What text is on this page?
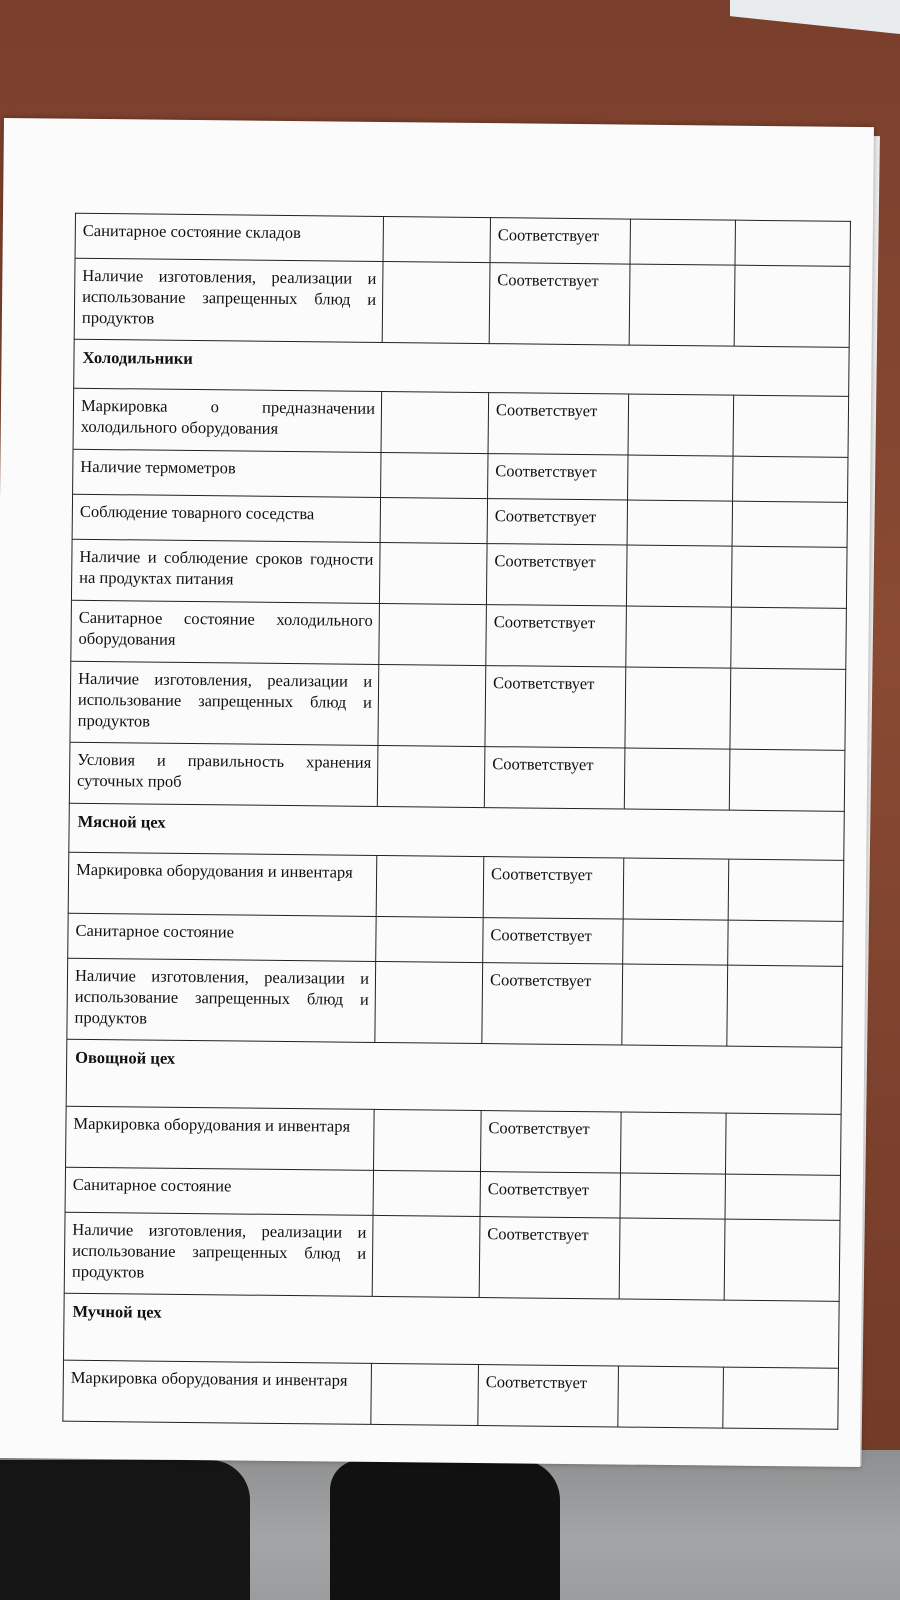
Санитарное состояние складов		Соответствует		
Наличие изготовления, реализации и использование запрещенных блюд и продуктов		Соответствует		
Холодильники				
Маркировка о предназначении холодильного оборудования		Соответствует		
Наличие термометров		Соответствует		
Соблюдение товарного соседства		Соответствует		
Наличие и соблюдение сроков годности на продуктах питания		Соответствует		
Санитарное состояние холодильного оборудования		Соответствует		
Наличие изготовления, реализации и использование запрещенных блюд и продуктов		Соответствует		
Условия и правильность хранения суточных проб		Соответствует		
Мясной цех				
Маркировка оборудования и инвентаря		Соответствует		
Санитарное состояние		Соответствует		
Наличие изготовления, реализации и использование запрещенных блюд и продуктов		Соответствует		
Овощной цех				
Маркировка оборудования и инвентаря		Соответствует		
Санитарное состояние		Соответствует		
Наличие изготовления, реализации и использование запрещенных блюд и продуктов		Соответствует		
Мучной цех				
Маркировка оборудования и инвентаря		Соответствует		
